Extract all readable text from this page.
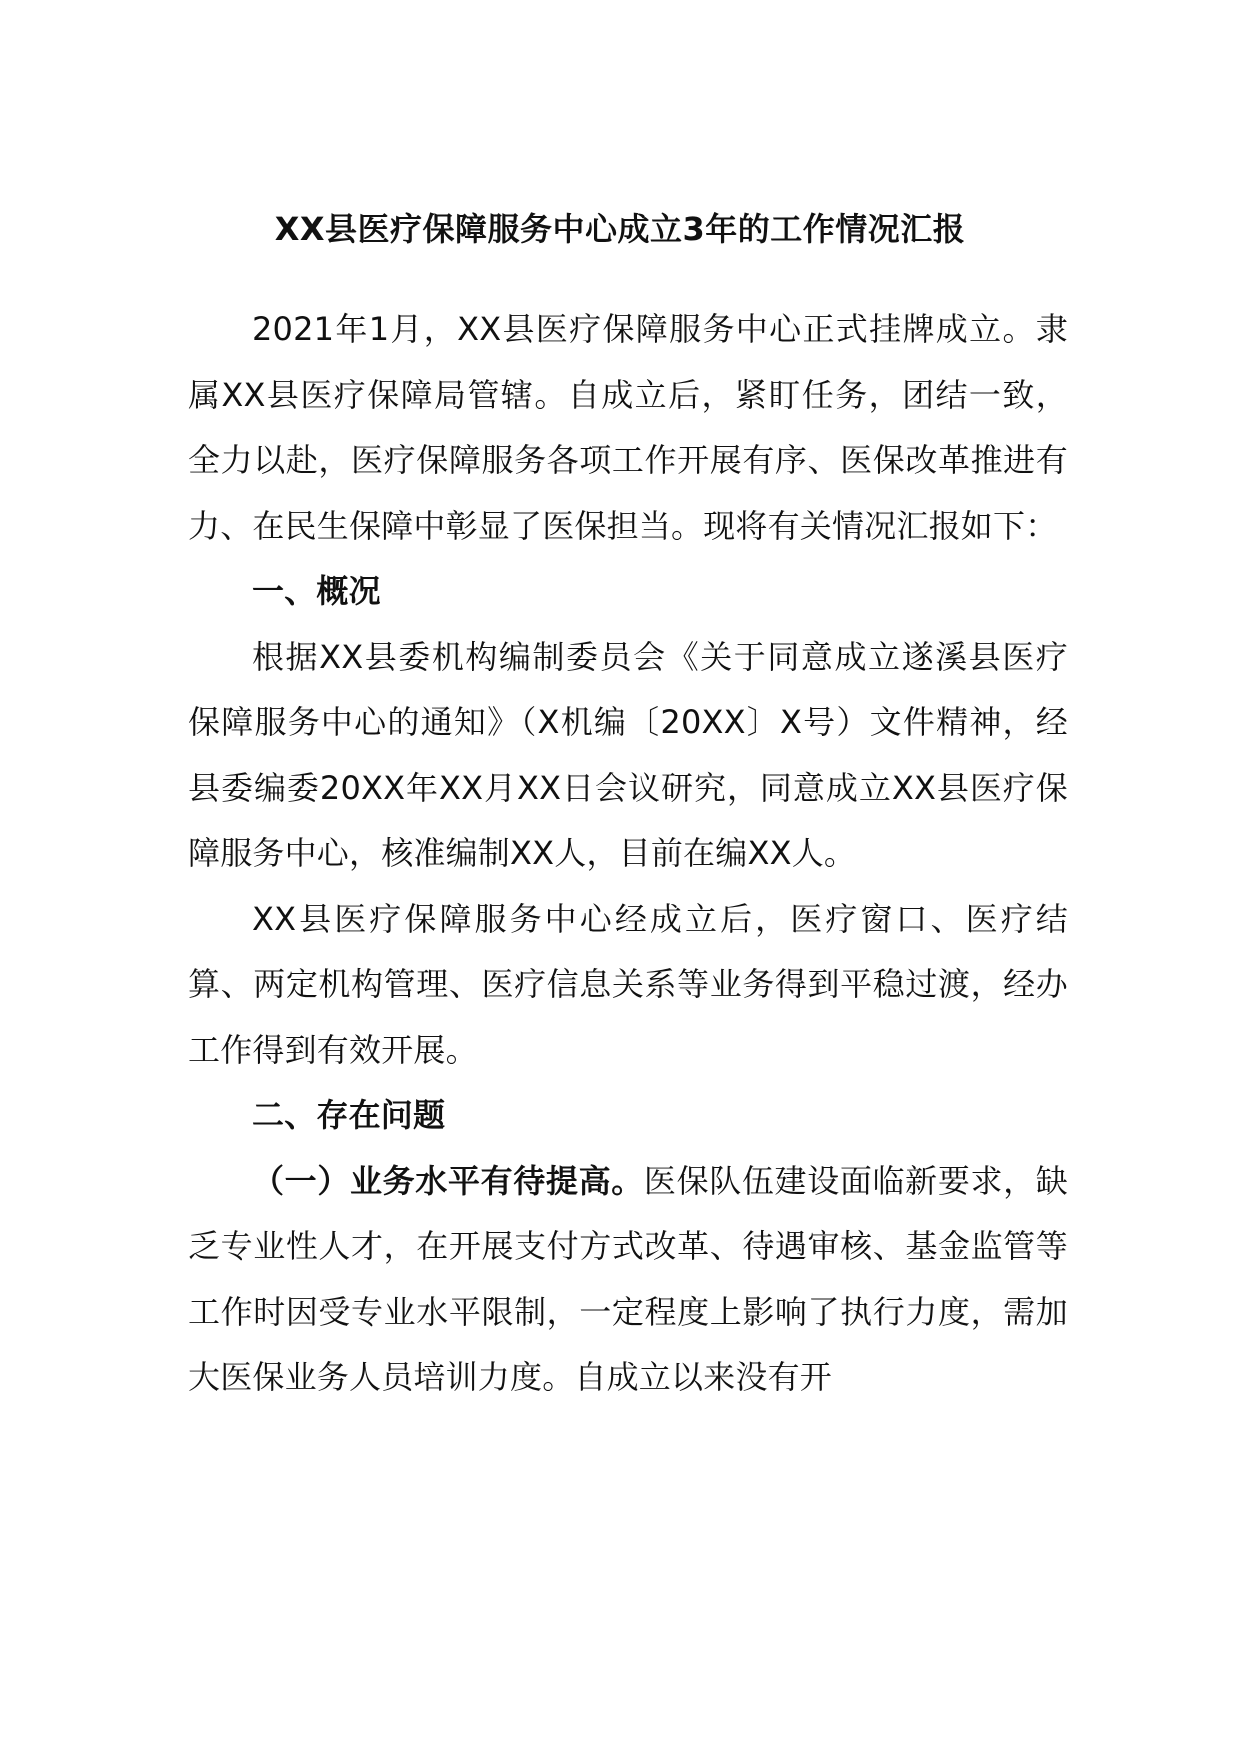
XX县医疗保障服务中心成立3年的工作情况汇报

2021年1月，XX县医疗保障服务中心正式挂牌成立。隶属XX县医疗保障局管辖。自成立后，紧盯任务，团结一致，全力以赴，医疗保障服务各项工作开展有序、医保改革推进有力、在民生保障中彰显了医保担当。现将有关情况汇报如下：

一、概况

根据XX县委机构编制委员会《关于同意成立遂溪县医疗保障服务中心的通知》（X机编〔20XX〕X号）文件精神，经县委编委20XX年XX月XX日会议研究，同意成立XX县医疗保障服务中心，核准编制XX人，目前在编XX人。

XX县医疗保障服务中心经成立后，医疗窗口、医疗结算、两定机构管理、医疗信息关系等业务得到平稳过渡，经办工作得到有效开展。

二、存在问题

（一）业务水平有待提高。医保队伍建设面临新要求，缺乏专业性人才，在开展支付方式改革、待遇审核、基金监管等工作时因受专业水平限制，一定程度上影响了执行力度，需加大医保业务人员培训力度。自成立以来没有开
